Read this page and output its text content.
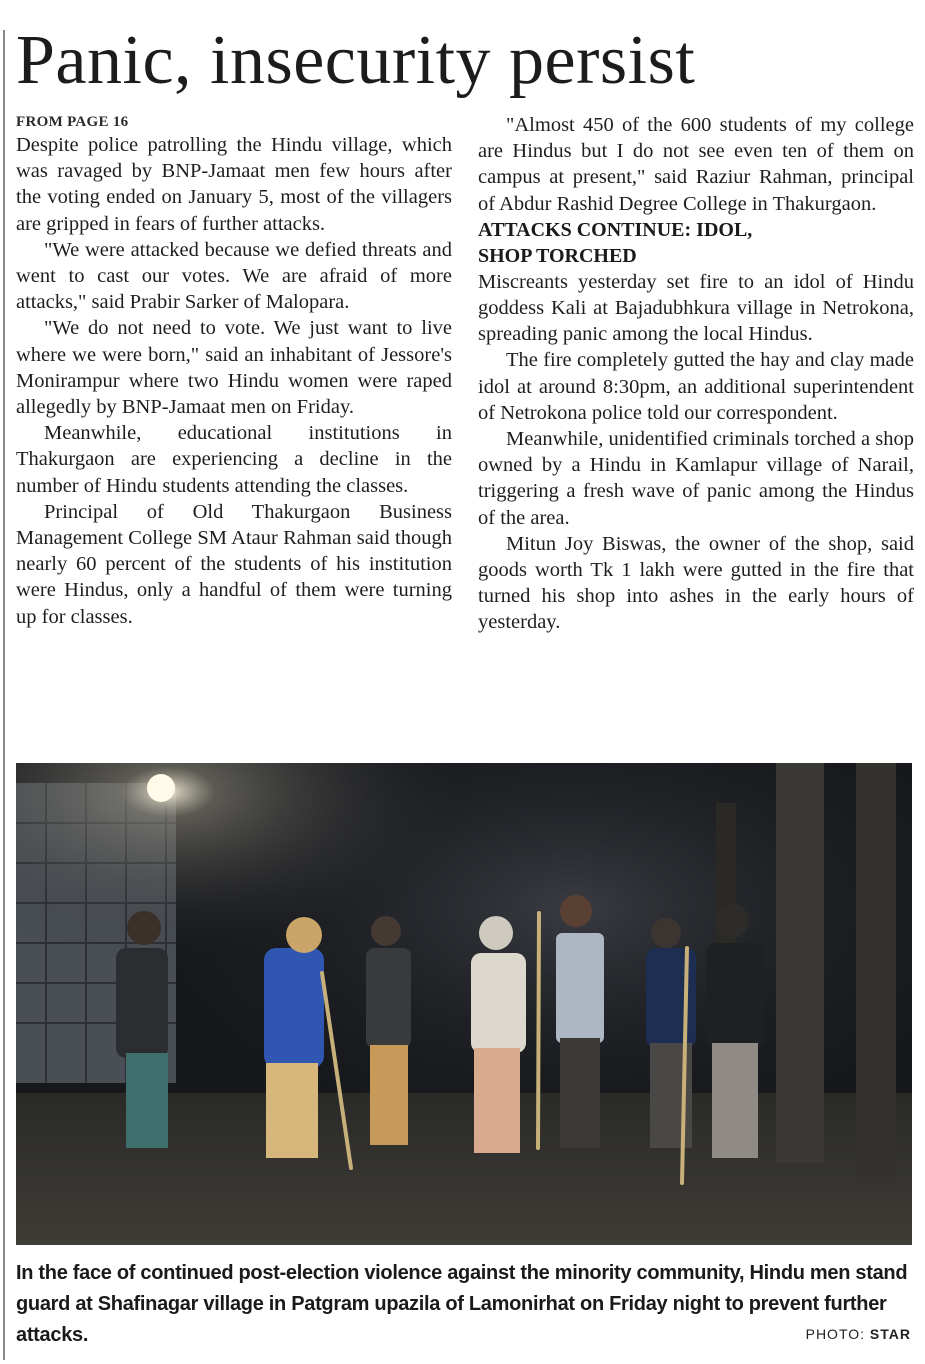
Panic, insecurity persist
FROM PAGE 16

Despite police patrolling the Hindu village, which was ravaged by BNP-Jamaat men few hours after the voting ended on January 5, most of the villagers are gripped in fears of further attacks.

"We were attacked because we defied threats and went to cast our votes. We are afraid of more attacks," said Prabir Sarker of Malopara.

"We do not need to vote. We just want to live where we were born," said an inhabitant of Jessore's Monirampur where two Hindu women were raped allegedly by BNP-Jamaat men on Friday.

Meanwhile, educational institutions in Thakurgaon are experiencing a decline in the number of Hindu students attending the classes.

Principal of Old Thakurgaon Business Management College SM Ataur Rahman said though nearly 60 percent of the students of his institution were Hindus, only a handful of them were turning up for classes.

"Almost 450 of the 600 students of my college are Hindus but I do not see even ten of them on campus at present," said Raziur Rahman, principal of Abdur Rashid Degree College in Thakurgaon.

ATTACKS CONTINUE: IDOL,
SHOP TORCHED

Miscreants yesterday set fire to an idol of Hindu goddess Kali at Bajadubhkura village in Netrokona, spreading panic among the local Hindus.

The fire completely gutted the hay and clay made idol at around 8:30pm, an additional superintendent of Netrokona police told our correspondent.

Meanwhile, unidentified criminals torched a shop owned by a Hindu in Kamlapur village of Narail, triggering a fresh wave of panic among the Hindus of the area.

Mitun Joy Biswas, the owner of the shop, said goods worth Tk 1 lakh were gutted in the fire that turned his shop into ashes in the early hours of yesterday.

In the face of continued post-election violence against the minority community, Hindu men stand guard at Shafinagar village in Patgram upazila of Lamonirhat on Friday night to prevent further attacks.	PHOTO: STAR
